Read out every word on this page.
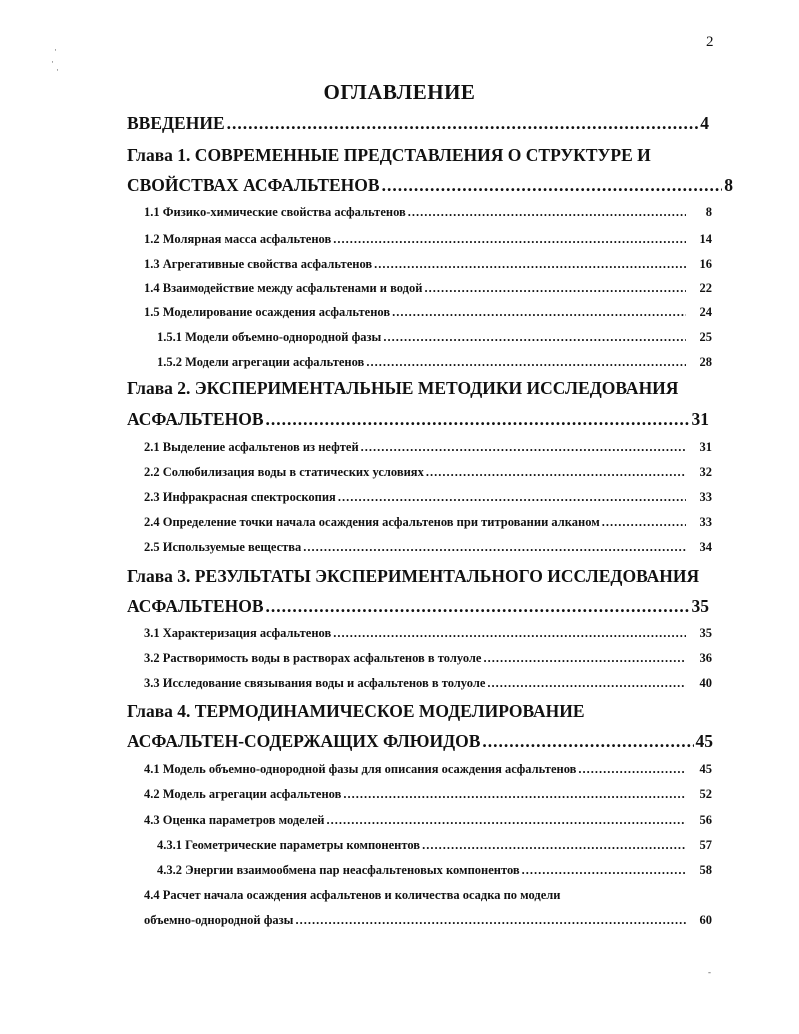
·
·
·
2
ОГЛАВЛЕНИЕ
ВВЕДЕНИЕ .....	4
Глава 1. СОВРЕМЕННЫЕ ПРЕДСТАВЛЕНИЯ О СТРУКТУРЕ И
СВОЙСТВАХ АСФАЛЬТЕНОВ .....	8
1.1 Физико-химические свойства асфальтенов .....	8
1.2 Молярная масса асфальтенов .....	14
1.3 Агрегативные свойства асфальтенов .....	16
1.4 Взаимодействие между асфальтенами и водой .....	22
1.5 Моделирование осаждения асфальтенов .....	24
1.5.1 Модели объемно-однородной фазы .....	25
1.5.2 Модели агрегации асфальтенов .....	28
Глава 2. ЭКСПЕРИМЕНТАЛЬНЫЕ МЕТОДИКИ ИССЛЕДОВАНИЯ
АСФАЛЬТЕНОВ .....	31
2.1 Выделение асфальтенов из нефтей .....	31
2.2 Солюбилизация воды в статических условиях .....	32
2.3 Инфракрасная спектроскопия .....	33
2.4 Определение точки начала осаждения асфальтенов при титровании алканом .....	33
2.5 Используемые вещества .....	34
Глава 3. РЕЗУЛЬТАТЫ ЭКСПЕРИМЕНТАЛЬНОГО ИССЛЕДОВАНИЯ
АСФАЛЬТЕНОВ .....	35
3.1 Характеризация асфальтенов .....	35
3.2 Растворимость воды в растворах асфальтенов в толуоле .....	36
3.3 Исследование связывания воды и асфальтенов в толуоле .....	40
Глава 4. ТЕРМОДИНАМИЧЕСКОЕ МОДЕЛИРОВАНИЕ
АСФАЛЬТЕН-СОДЕРЖАЩИХ ФЛЮИДОВ .....	45
4.1 Модель объемно-однородной фазы для описания осаждения асфальтенов .....	45
4.2 Модель агрегации асфальтенов .....	52
4.3 Оценка параметров моделей .....	56
4.3.1 Геометрические параметры компонентов .....	57
4.3.2 Энергии взаимообмена пар неасфальтеновых компонентов .....	58
4.4 Расчет начала осаждения асфальтенов и количества осадка по модели
объемно-однородной фазы .....	60
-
